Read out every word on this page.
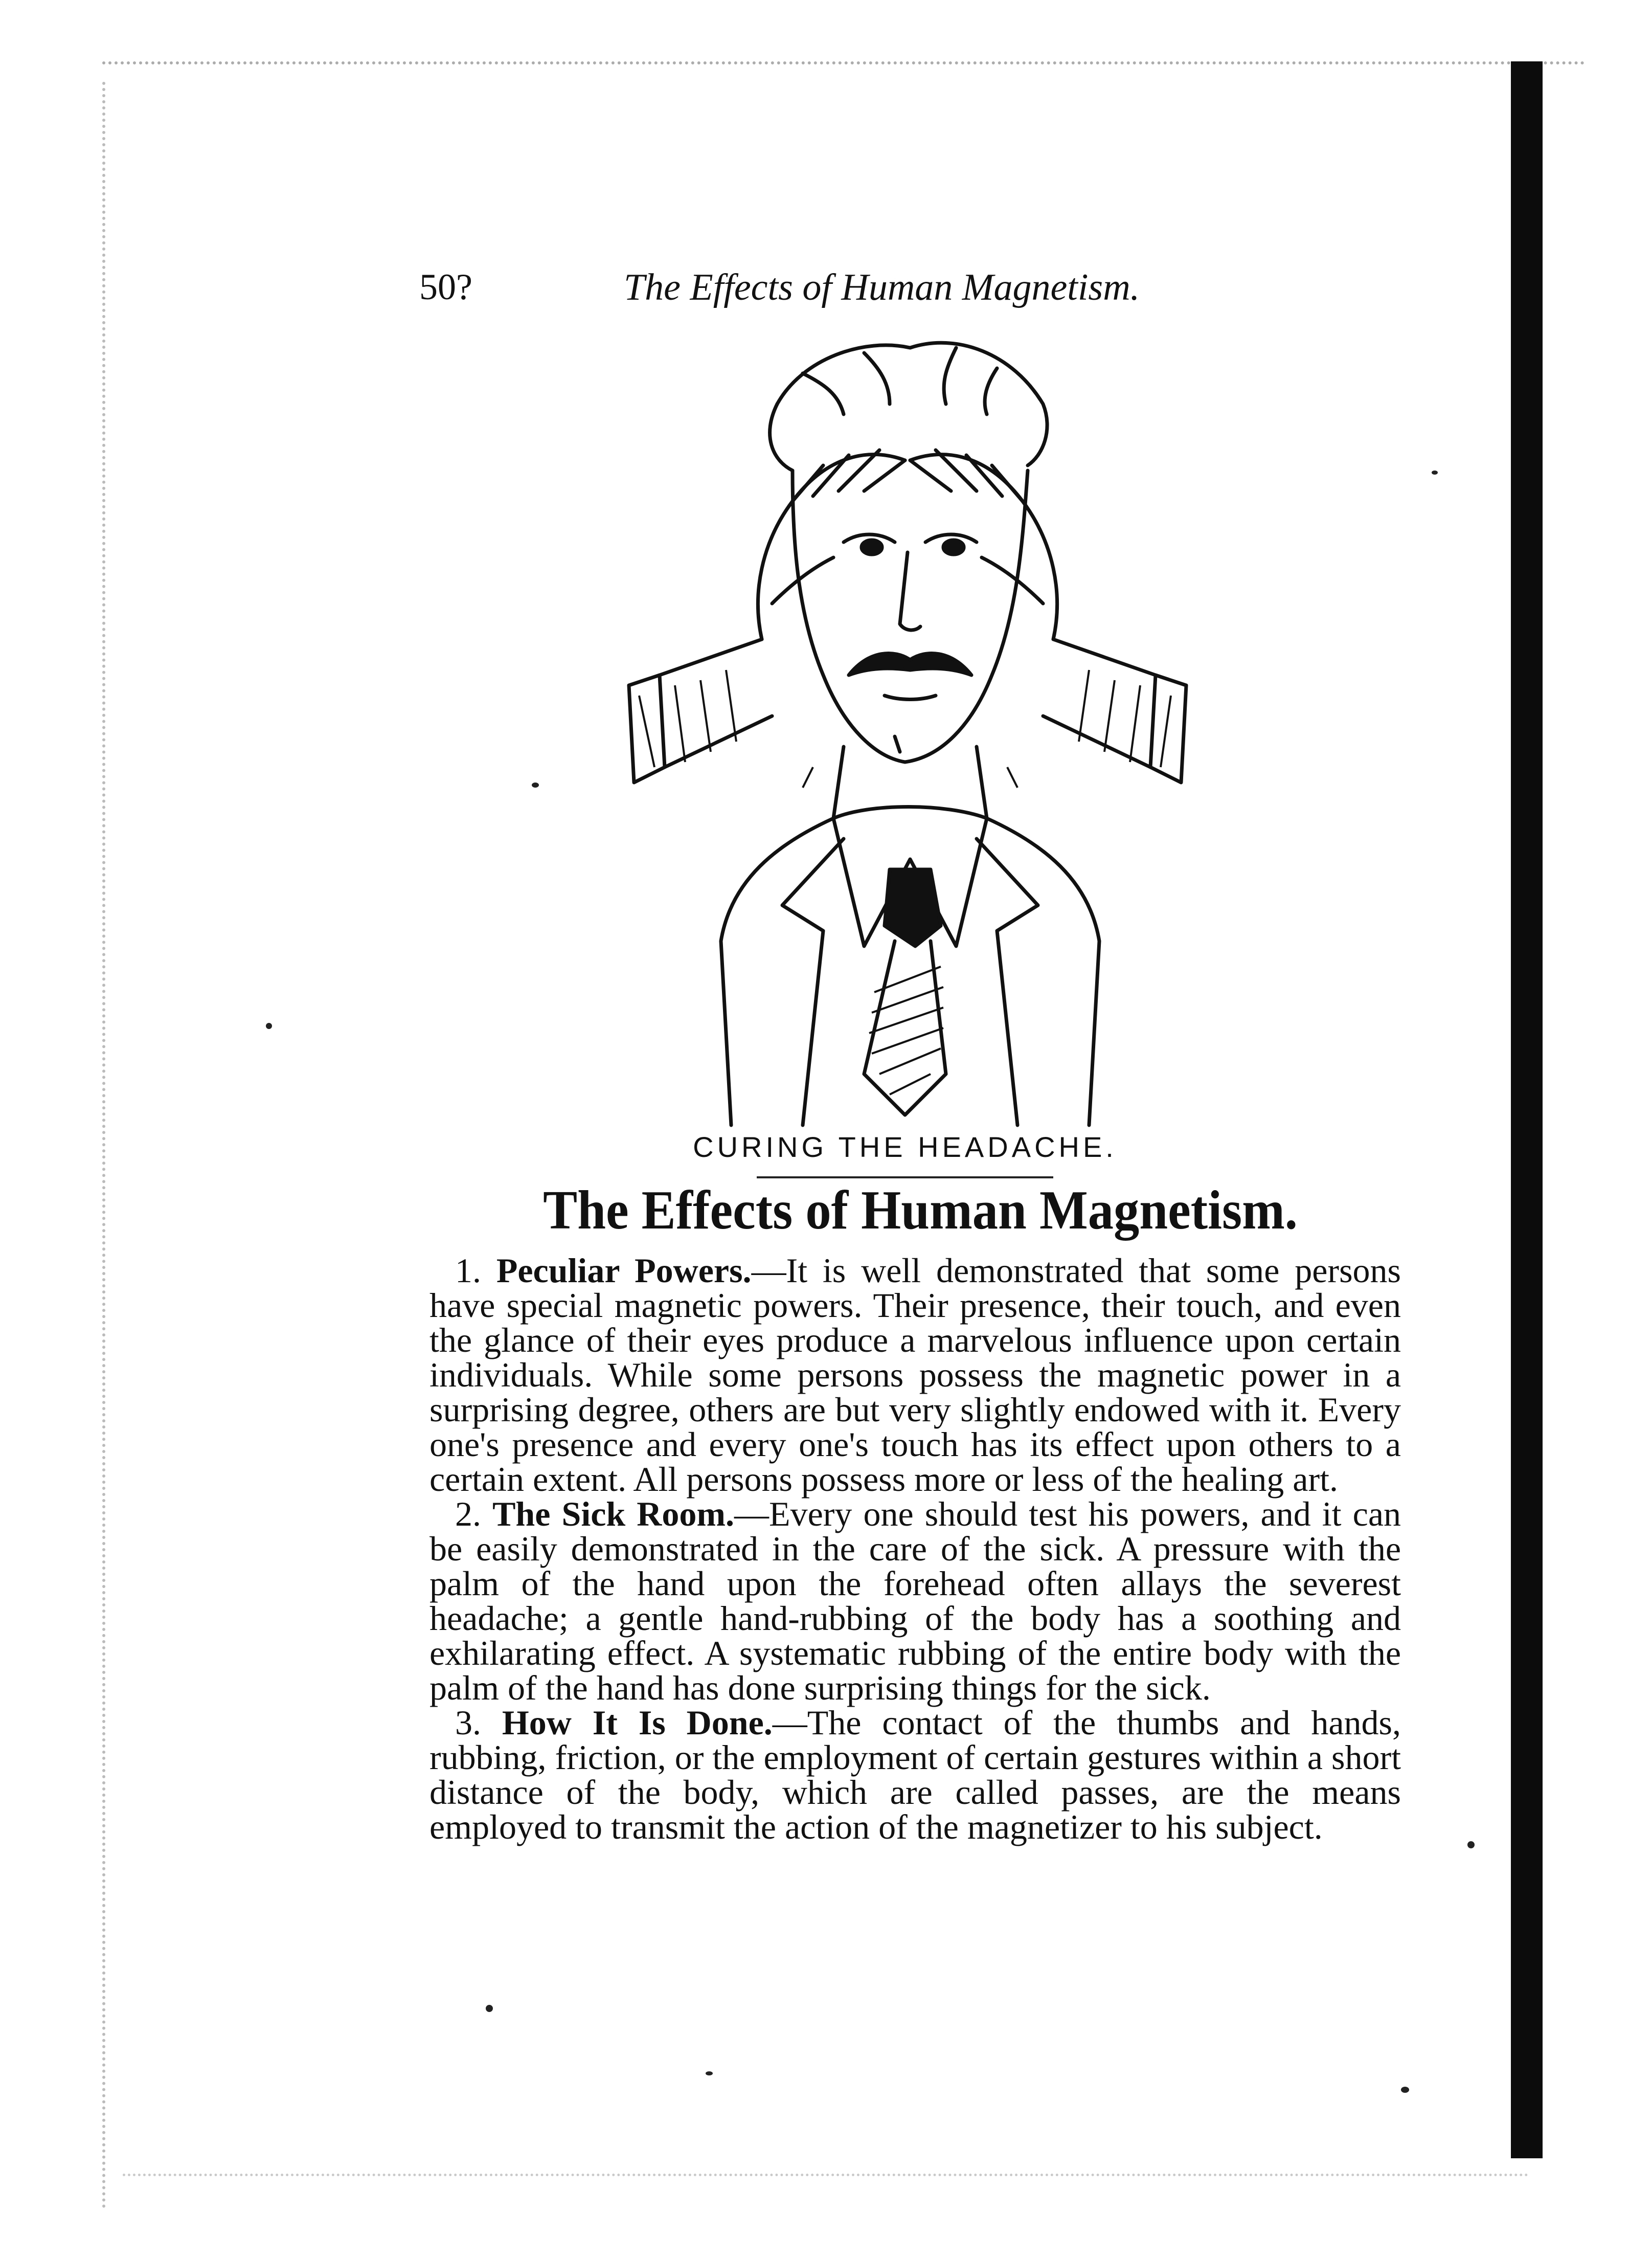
50?	The Effects of Human Magnetism.
CURING THE HEADACHE.
The Effects of Human Magnetism.

1. Peculiar Powers.—It is well demonstrated that some persons have special magnetic powers. Their presence, their touch, and even the glance of their eyes produce a marvelous influence upon certain individuals. While some persons possess the magnetic power in a surprising degree, others are but very slightly endowed with it. Every one's presence and every one's touch has its effect upon others to a certain extent. All persons possess more or less of the healing art.

2. The Sick Room.—Every one should test his powers, and it can be easily demonstrated in the care of the sick. A pressure with the palm of the hand upon the forehead often allays the severest headache; a gentle hand-rubbing of the body has a soothing and exhilarating effect. A systematic rubbing of the entire body with the palm of the hand has done surprising things for the sick.

3. How It Is Done.—The contact of the thumbs and hands, rubbing, friction, or the employment of certain gestures within a short distance of the body, which are called passes, are the means employed to transmit the action of the magnetizer to his subject.
